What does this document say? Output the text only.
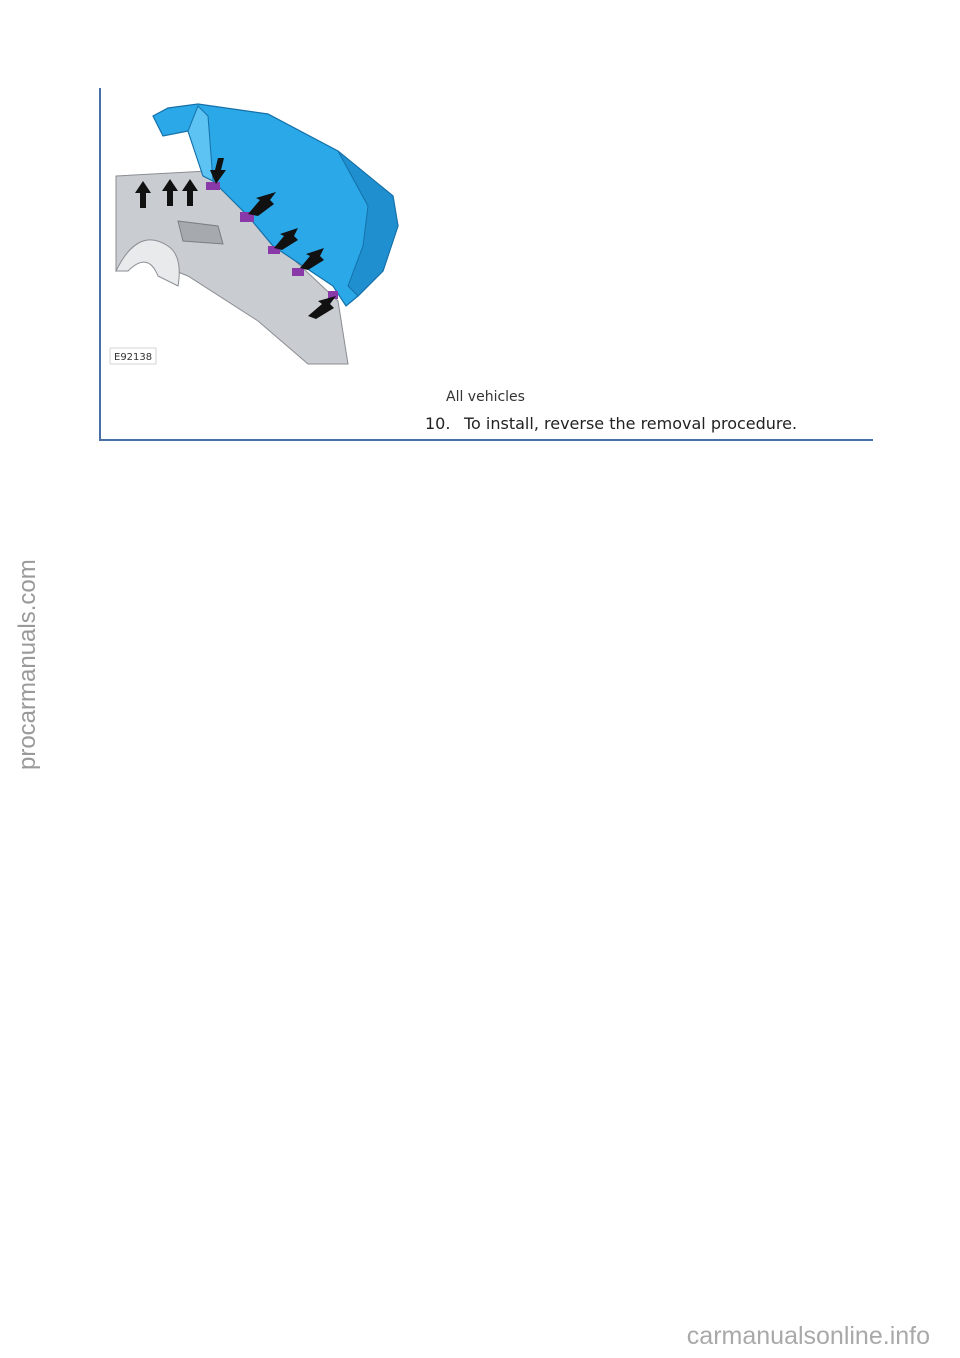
E92138
All vehicles
10. To install, reverse the removal procedure.
procarmanuals.com
carmanualsonline.info
